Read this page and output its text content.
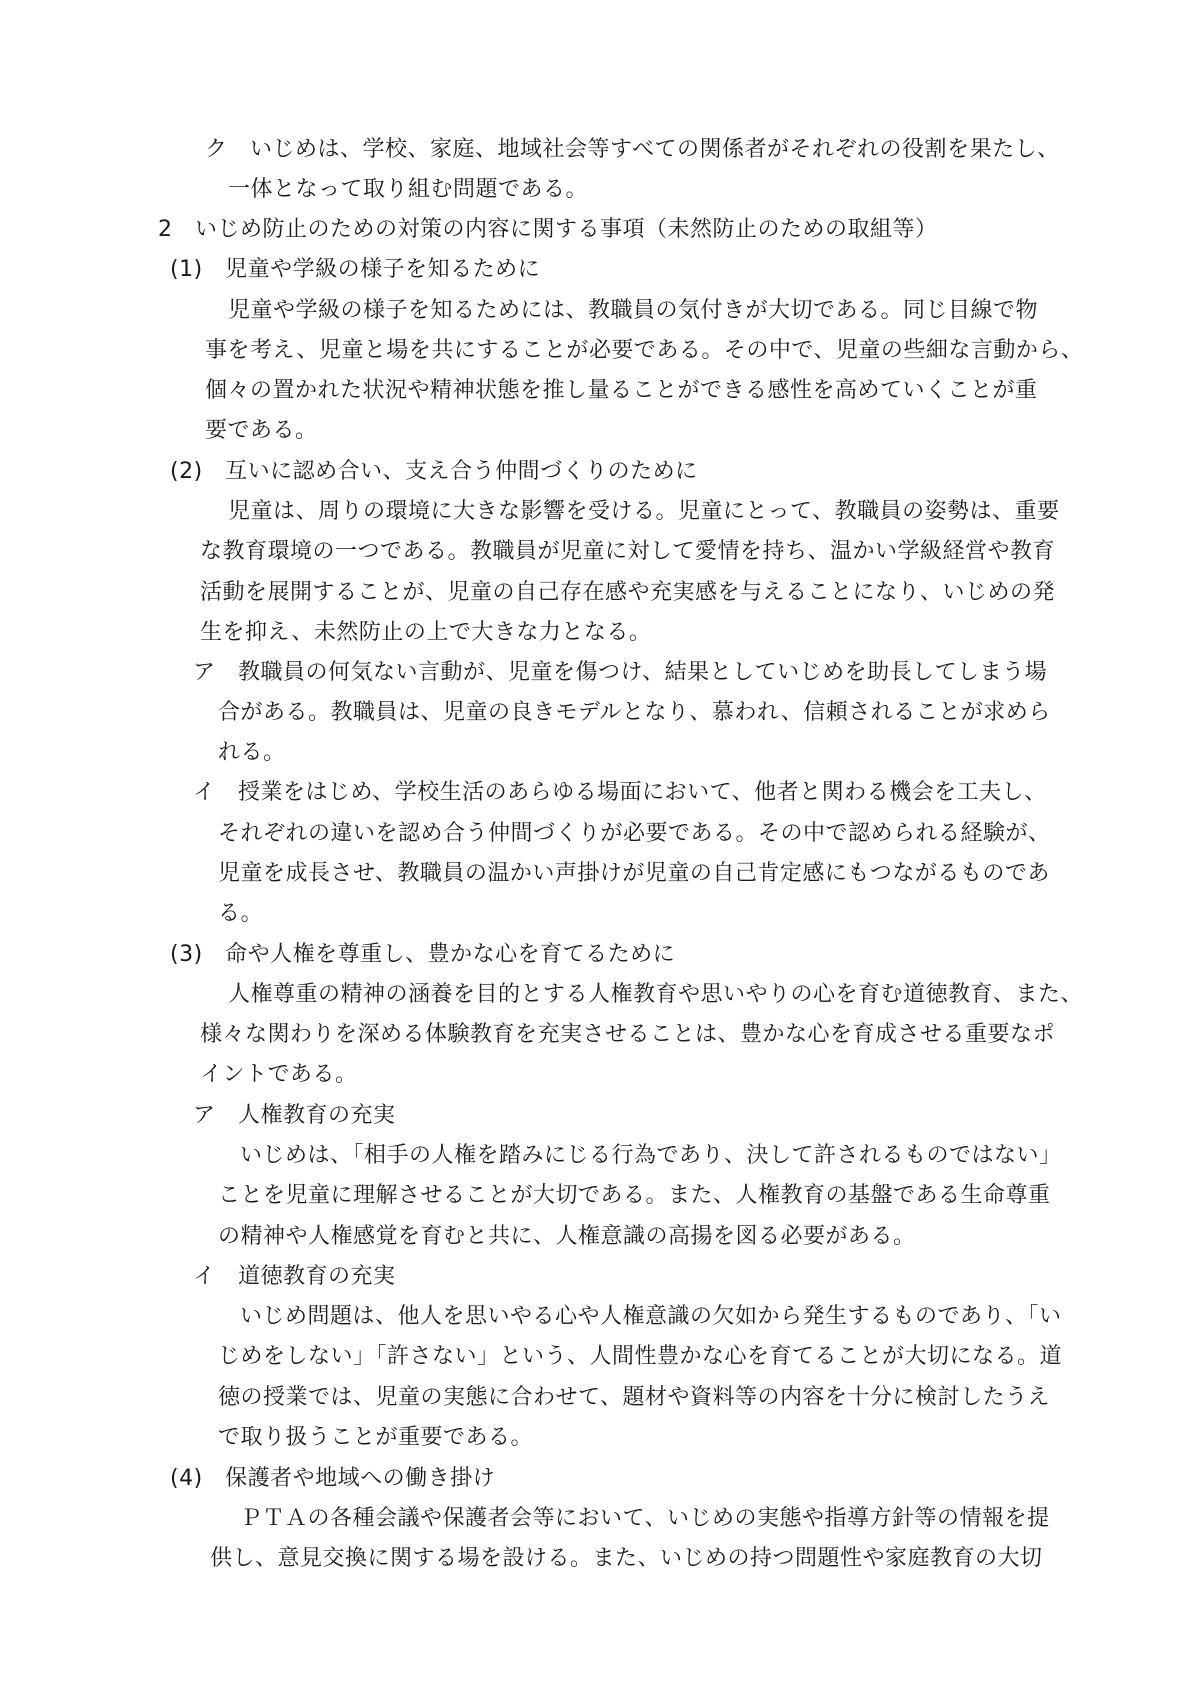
ク　いじめは、学校、家庭、地域社会等すべての関係者がそれぞれの役割を果たし、
一体となって取り組む問題である。
2　いじめ防止のための対策の内容に関する事項（未然防止のための取組等）
(1)　児童や学級の様子を知るために
児童や学級の様子を知るためには、教職員の気付きが大切である。同じ目線で物
事を考え、児童と場を共にすることが必要である。その中で、児童の些細な言動から、
個々の置かれた状況や精神状態を推し量ることができる感性を高めていくことが重
要である。
(2)　互いに認め合い、支え合う仲間づくりのために
児童は、周りの環境に大きな影響を受ける。児童にとって、教職員の姿勢は、重要
な教育環境の一つである。教職員が児童に対して愛情を持ち、温かい学級経営や教育
活動を展開することが、児童の自己存在感や充実感を与えることになり、いじめの発
生を抑え、未然防止の上で大きな力となる。
ア　教職員の何気ない言動が、児童を傷つけ、結果としていじめを助長してしまう場
合がある。教職員は、児童の良きモデルとなり、慕われ、信頼されることが求めら
れる。
イ　授業をはじめ、学校生活のあらゆる場面において、他者と関わる機会を工夫し、
それぞれの違いを認め合う仲間づくりが必要である。その中で認められる経験が、
児童を成長させ、教職員の温かい声掛けが児童の自己肯定感にもつながるものであ
る。
(3)　命や人権を尊重し、豊かな心を育てるために
人権尊重の精神の涵養を目的とする人権教育や思いやりの心を育む道徳教育、また、
様々な関わりを深める体験教育を充実させることは、豊かな心を育成させる重要なポ
イントである。
ア　人権教育の充実
いじめは、「相手の人権を踏みにじる行為であり、決して許されるものではない」
ことを児童に理解させることが大切である。また、人権教育の基盤である生命尊重
の精神や人権感覚を育むと共に、人権意識の高揚を図る必要がある。
イ　道徳教育の充実
いじめ問題は、他人を思いやる心や人権意識の欠如から発生するものであり、「い
じめをしない」「許さない」という、人間性豊かな心を育てることが大切になる。道
徳の授業では、児童の実態に合わせて、題材や資料等の内容を十分に検討したうえ
で取り扱うことが重要である。
(4)　保護者や地域への働き掛け
ＰＴＡの各種会議や保護者会等において、いじめの実態や指導方針等の情報を提
供し、意見交換に関する場を設ける。また、いじめの持つ問題性や家庭教育の大切
